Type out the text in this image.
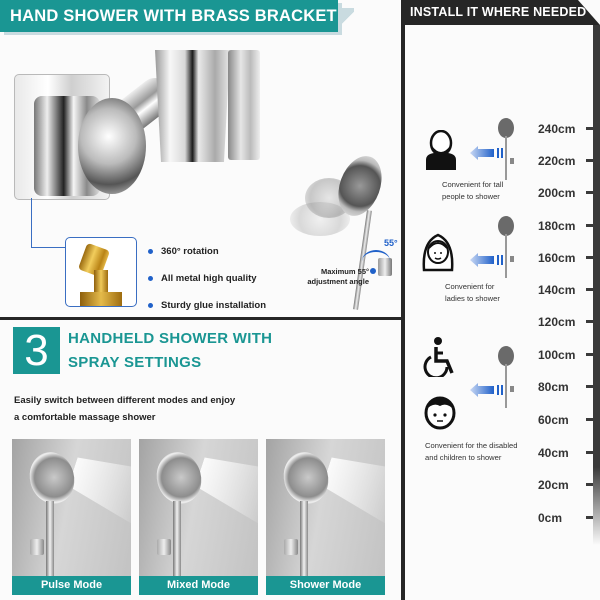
HAND SHOWER WITH BRASS BRACKET	INSTALL IT WHERE NEEDED
360° rotation
All metal high quality
Sturdy glue installation
55°
Maximum 55°
adjustment angle
3	HANDHELD SHOWER WITH
SPRAY SETTINGS
Easily switch between different modes and enjoy
a comfortable massage shower
Pulse Mode	Mixed Mode	Shower Mode
Convenient for tall
people to shower
Convenient for
ladies to shower
Convenient for the disabled
and children to shower
240cm
220cm
200cm
180cm
160cm
140cm
120cm
100cm
80cm
60cm
40cm
20cm
0cm
